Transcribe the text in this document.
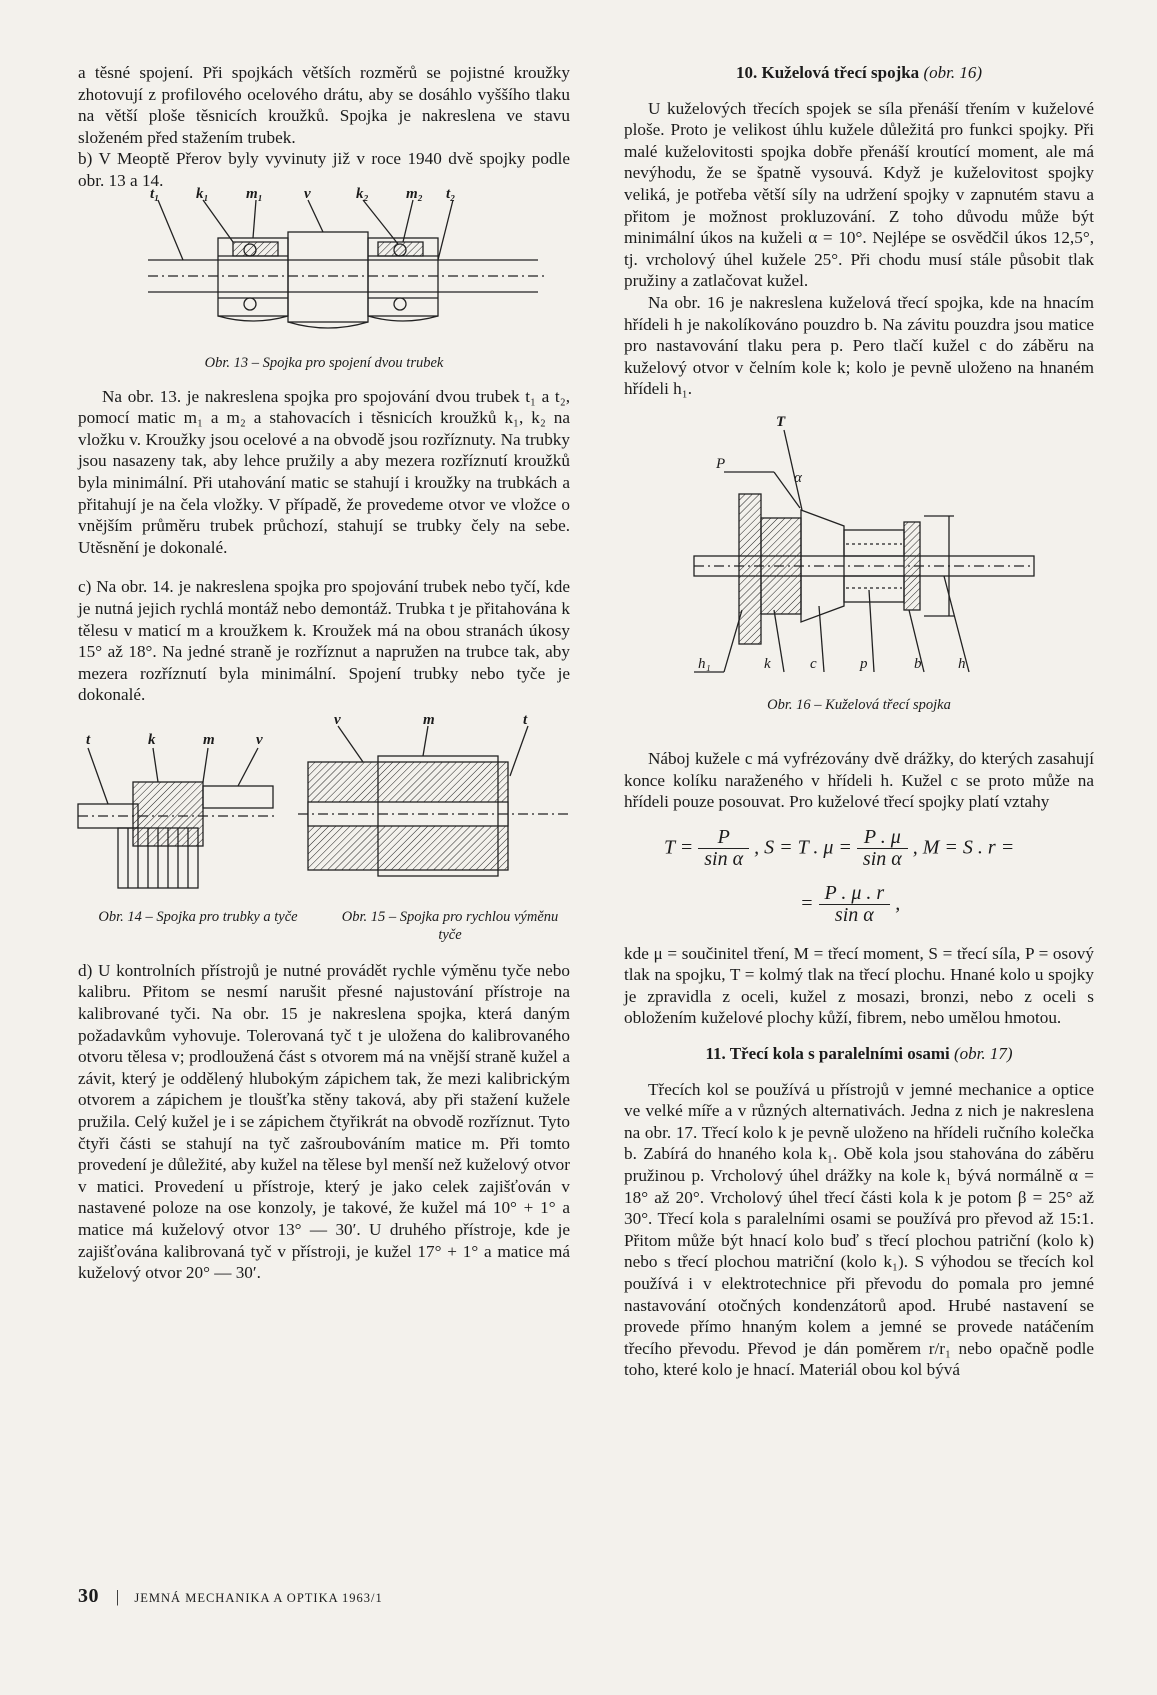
a těsné spojení. Při spojkách větších rozměrů se pojistné kroužky zhotovují z profilového ocelového drátu, aby se dosáhlo vyššího tlaku na větší ploše těsnicích kroužků. Spojka je nakreslena ve stavu složeném před stažením trubek.

b) V Meoptě Přerov byly vyvinuty již v roce 1940 dvě spojky podle obr. 13 a 14.

t₁ k₁ m₁	v	k₂ m₂ t₂

Obr. 13 – Spojka pro spojení dvou trubek

Na obr. 13. je nakreslena spojka pro spojování dvou trubek t₁ a t₂, pomocí matic m₁ a m₂ a stahovacích i těsnicích kroužků k₁, k₂ na vložku v. Kroužky jsou ocelové a na obvodě jsou rozříznuty. Na trubky jsou nasazeny tak, aby lehce pružily a aby mezera rozříznutí kroužků byla minimální. Při utahování matic se stahují i kroužky na trubkách a přitahují je na čela vložky. V případě, že provedeme otvor ve vložce o vnějším průměru trubek průchozí, stahují se trubky čely na sebe. Utěsnění je dokonalé.

c) Na obr. 14. je nakreslena spojka pro spojování trubek nebo tyčí, kde je nutná jejich rychlá montáž nebo demontáž. Trubka t je přitahována k tělesu v maticí m a kroužkem k. Kroužek má na obou stranách úkosy 15° až 18°. Na jedné straně je rozříznut a napružen na trubce tak, aby mezera rozříznutí byla minimální. Spojení trubky nebo tyče je dokonalé.

t	k	m	v
v	m	t

Obr. 14 – Spojka pro trubky a tyče	Obr. 15 – Spojka pro rychlou výměnu tyče

d) U kontrolních přístrojů je nutné provádět rychle výměnu tyče nebo kalibru. Přitom se nesmí narušit přesné najustování přístroje na kalibrované tyči. Na obr. 15 je nakreslena spojka, která daným požadavkům vyhovuje. Tolerovaná tyč t je uložena do kalibrovaného otvoru tělesa v; prodloužená část s otvorem má na vnější straně kužel a závit, který je oddělený hlubokým zápichem tak, že mezi kalibrickým otvorem a zápichem je tloušťka stěny taková, aby při stažení kužele pružila. Celý kužel je i se zápichem čtyřikrát na obvodě rozříznut. Tyto čtyři části se stahují na tyč zašroubováním matice m. Při tomto provedení je důležité, aby kužel na tělese byl menší než kuželový otvor v matici. Provedení u přístroje, který je jako celek zajišťován v nastavené poloze na ose konzoly, je takové, že kužel má 10° + 1° a matice má kuželový otvor 13° — 30′. U druhého přístroje, kde je zajišťována kalibrovaná tyč v přístroji, je kužel 17° + 1° a matice má kuželový otvor 20° — 30′.

10. Kuželová třecí spojka (obr. 16)

U kuželových třecích spojek se síla přenáší třením v kuželové ploše. Proto je velikost úhlu kužele důležitá pro funkci spojky. Při malé kuželovitosti spojka dobře přenáší kroutící moment, ale má nevýhodu, že se špatně vysouvá. Když je kuželovitost spojky veliká, je potřeba větší síly na udržení spojky v zapnutém stavu a přitom je možnost prokluzování. Z toho důvodu může být minimální úkos na kuželi α = 10°. Nejlépe se osvědčil úkos 12,5°, tj. vrcholový úhel kužele 25°. Při chodu musí stále působit tlak pružiny a zatlačovat kužel.

Na obr. 16 je nakreslena kuželová třecí spojka, kde na hnacím hřídeli h je nakolíkováno pouzdro b. Na závitu pouzdra jsou matice pro nastavování tlaku pera p. Pero tlačí kužel c do záběru na kuželový otvor v čelním kole k; kolo je pevně uloženo na hnaném hřídeli h₁.

T
P
α
h₁	k	c	p	b h

Obr. 16 – Kuželová třecí spojka

Náboj kužele c má vyfrézovány dvě drážky, do kterých zasahují konce kolíku naraženého v hřídeli h. Kužel c se proto může na hřídeli pouze posouvat. Pro kuželové třecí spojky platí vztahy

$T = \frac{P}{\text{sin α}}$ , S = T . $\mu = \frac{P . \mu}{\text{sin α}}$ , M = S . r =
= $\frac{P . \mu . r}{\text{sin α}}$ ,

kde μ = součinitel tření, M = třecí moment, S = třecí síla, P = osový tlak na spojku, T = kolmý tlak na třecí plochu. Hnané kolo u spojky je zpravidla z oceli, kužel z mosazi, bronzi, nebo z oceli s obložením kuželové plochy kůží, fibrem, nebo umělou hmotou.

11. Třecí kola s paralelními osami (obr. 17)

Třecích kol se používá u přístrojů v jemné mechanice a optice ve velké míře a v různých alternativách. Jedna z nich je nakreslena na obr. 17. Třecí kolo k je pevně uloženo na hřídeli ručního kolečka b. Zabírá do hnaného kola k₁. Obě kola jsou stahována do záběru pružinou p. Vrcholový úhel drážky na kole k₁ bývá normálně α = 18° až 20°. Vrcholový úhel třecí části kola k je potom β = 25° až 30°. Třecí kola s paralelními osami se používá pro převod až 15:1. Přitom může být hnací kolo buď s třecí plochou patriční (kolo k) nebo s třecí plochou matriční (kolo k₁). S výhodou se třecích kol používá i v elektrotechnice při převodu do pomala pro jemné nastavování otočných kondenzátorů apod. Hrubé nastavení se provede přímo hnaným kolem a jemné se provede natáčením třecího převodu. Převod je dán poměrem r/r₁ nebo opačně podle toho, které kolo je hnací. Materiál obou kol bývá

30 | JEMNÁ MECHANIKA A OPTIKA 1963/1
